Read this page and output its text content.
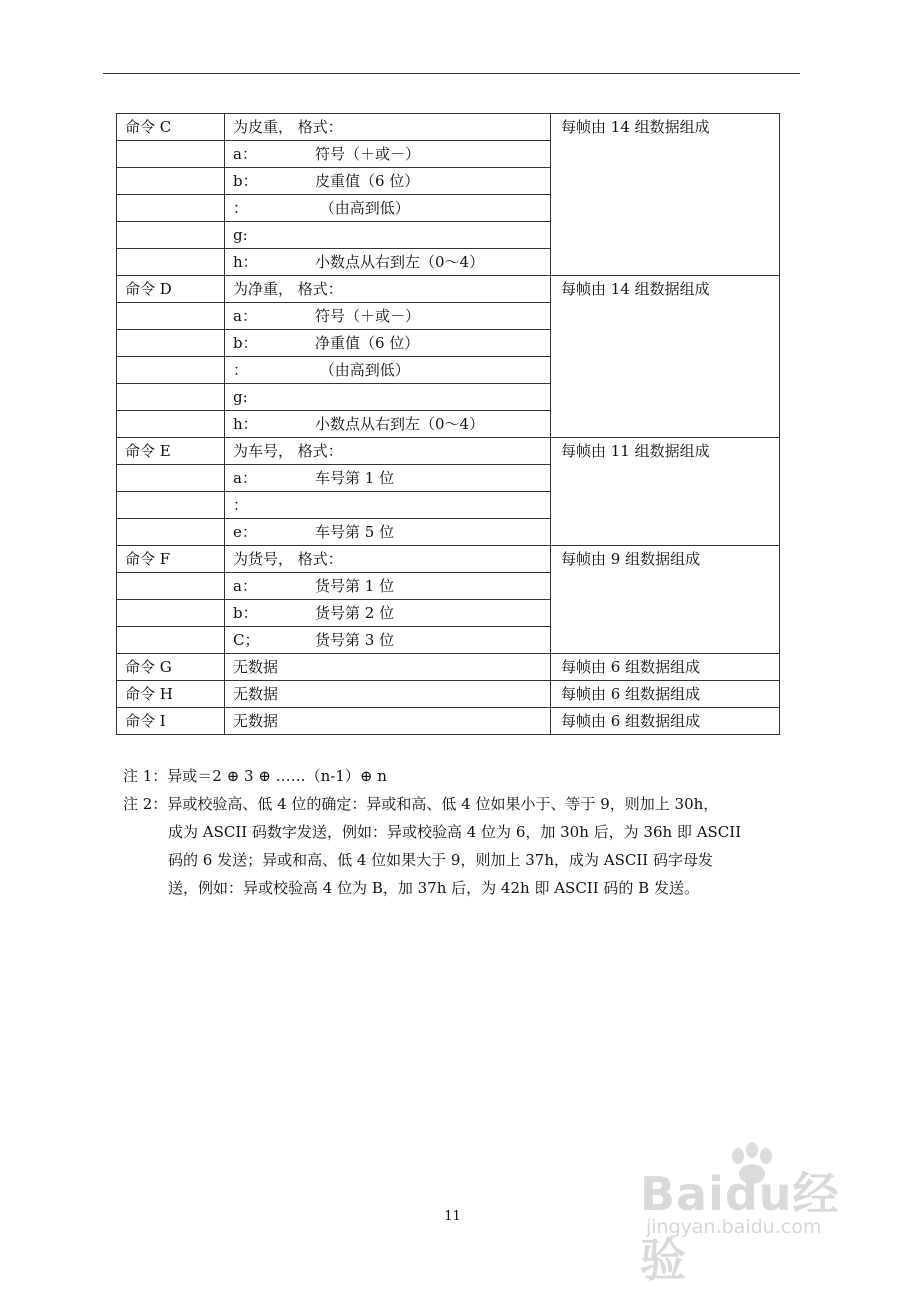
命令 C	为皮重， 格式：	每帧由 14 组数据组成
	a： 符号（＋或－）	
	b： 皮重值（6 位）	
	： （由高到低）	
	g:	
	h： 小数点从右到左（0～4）	
命令 D	为净重， 格式：	每帧由 14 组数据组成
	a： 符号（＋或－）	
	b： 净重值（6 位）	
	： （由高到低）	
	g:	
	h： 小数点从右到左（0～4）	
命令 E	为车号， 格式：	每帧由 11 组数据组成
	a： 车号第 1 位	
	：	
	e： 车号第 5 位	
命令 F	为货号， 格式：	每帧由 9 组数据组成
	a： 货号第 1 位	
	b： 货号第 2 位	
	C； 货号第 3 位	
命令 G	无数据	每帧由 6 组数据组成
命令 H	无数据	每帧由 6 组数据组成
命令 I	无数据	每帧由 6 组数据组成
注 1：异或＝2 ⊕ 3 ⊕ ……（n-1）⊕ n
注 2：异或校验高、低 4 位的确定：异或和高、低 4 位如果小于、等于 9，则加上 30h，
成为 ASCII 码数字发送，例如：异或校验高 4 位为 6，加 30h 后，为 36h 即 ASCII
码的 6 发送；异或和高、低 4 位如果大于 9，则加上 37h，成为 ASCII 码字母发
送，例如：异或校验高 4 位为 B，加 37h 后，为 42h 即 ASCII 码的 B 发送。
11	Baidu经验
jingyan.baidu.com
